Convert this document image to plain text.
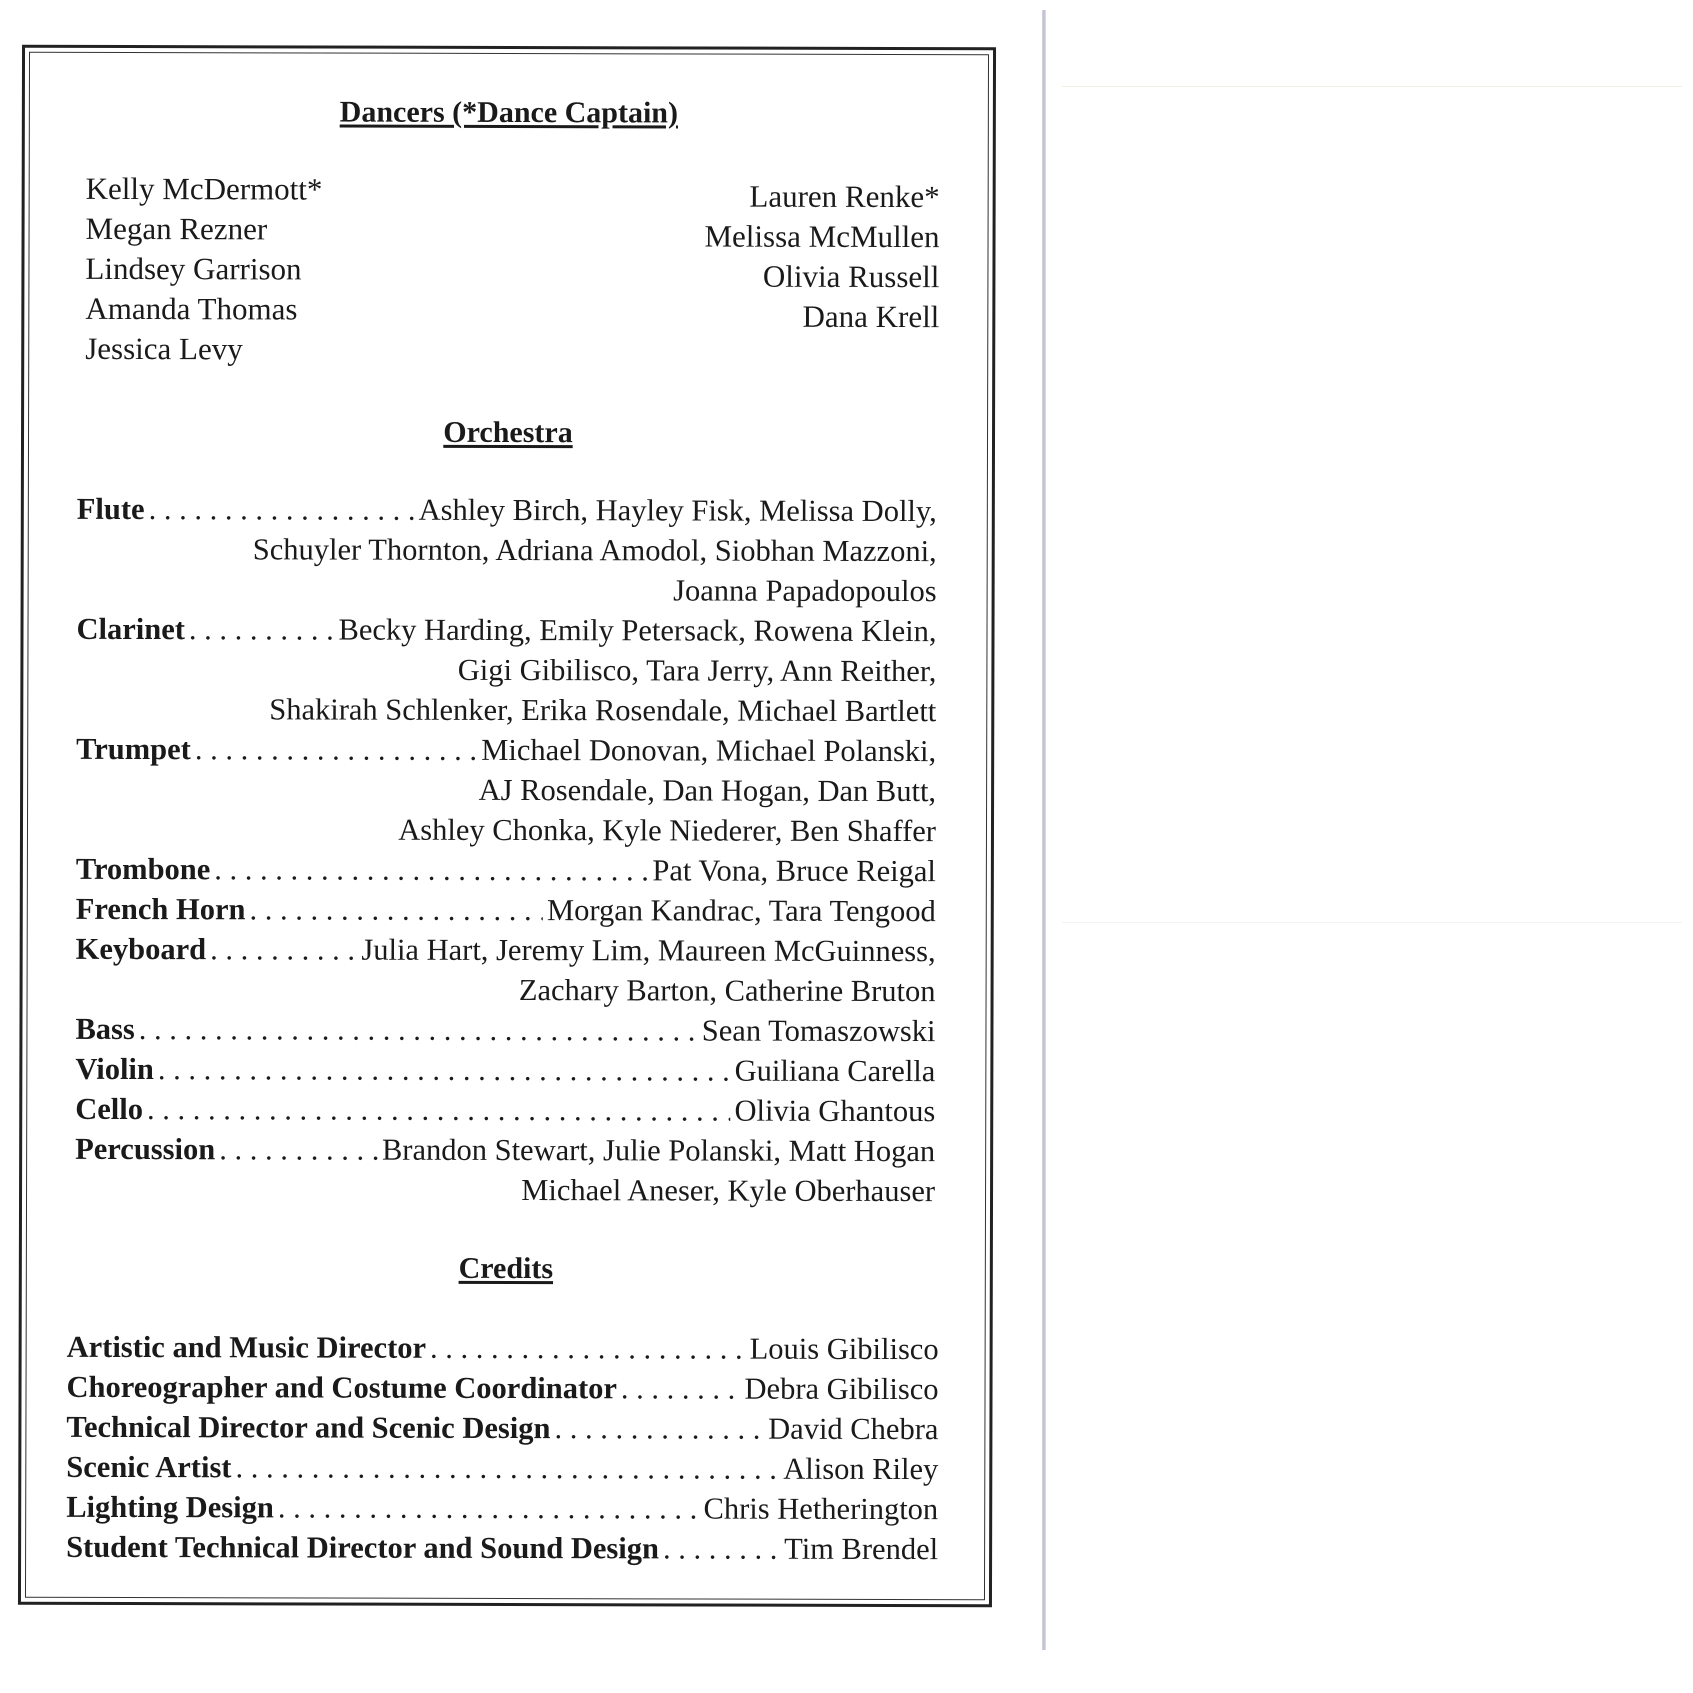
Dancers (*Dance Captain)
Kelly McDermott*
Megan Rezner
Lindsey Garrison
Amanda Thomas
Jessica Levy
Lauren Renke*
Melissa McMullen
Olivia Russell
Dana Krell
Orchestra
Flute . . .	Ashley Birch, Hayley Fisk, Melissa Dolly,
Schuyler Thornton, Adriana Amodol, Siobhan Mazzoni,
Joanna Papadopoulos
Clarinet . . .	Becky Harding, Emily Petersack, Rowena Klein,
Gigi Gibilisco, Tara Jerry, Ann Reither,
Shakirah Schlenker, Erika Rosendale, Michael Bartlett
Trumpet . . .	Michael Donovan, Michael Polanski,
AJ Rosendale, Dan Hogan, Dan Butt,
Ashley Chonka, Kyle Niederer, Ben Shaffer
Trombone . . .	Pat Vona, Bruce Reigal
French Horn . . .	Morgan Kandrac, Tara Tengood
Keyboard . . .	Julia Hart, Jeremy Lim, Maureen McGuinness,
Zachary Barton, Catherine Bruton
Bass . . .	Sean Tomaszowski
Violin . . .	Guiliana Carella
Cello . . .	Olivia Ghantous
Percussion . . .	Brandon Stewart, Julie Polanski, Matt Hogan
Michael Aneser, Kyle Oberhauser
Credits
Artistic and Music Director . . .	Louis Gibilisco
Choreographer and Costume Coordinator . . .	Debra Gibilisco
Technical Director and Scenic Design . . .	David Chebra
Scenic Artist . . .	Alison Riley
Lighting Design . . .	Chris Hetherington
Student Technical Director and Sound Design . . .	Tim Brendel
